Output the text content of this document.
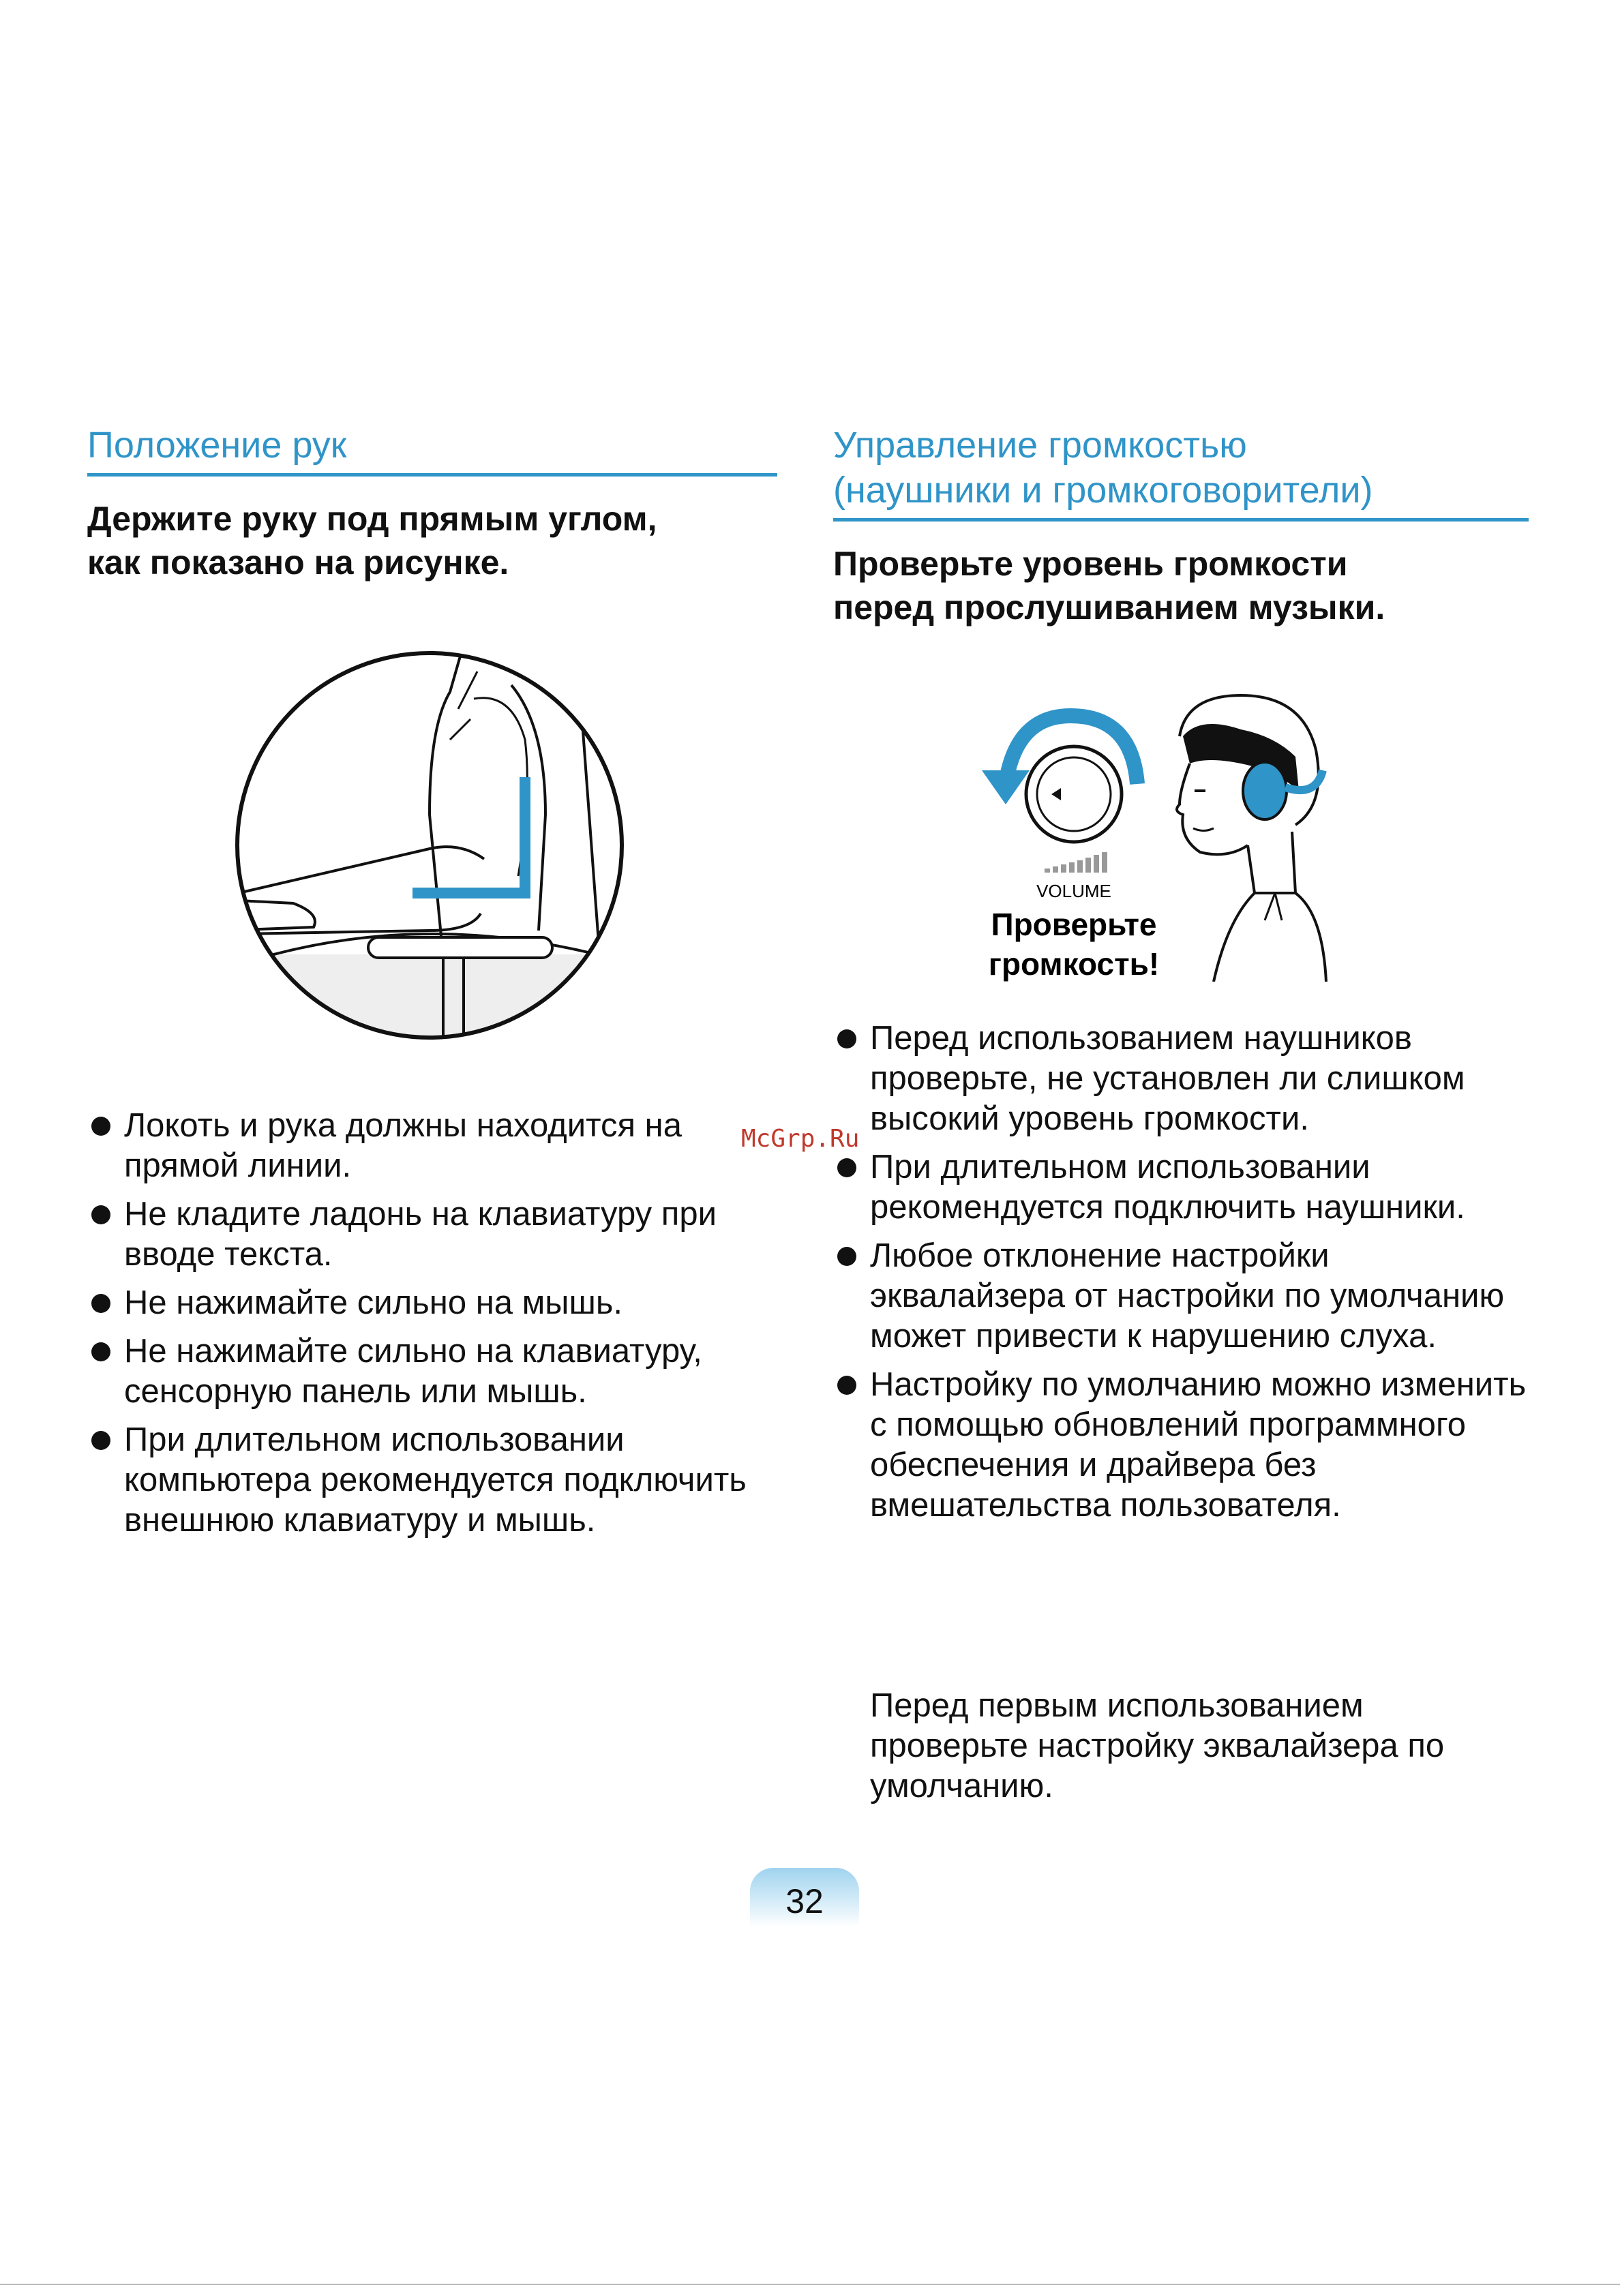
Положение рук

Держите руку под прямым углом,
как показано на рисунке.

Локоть и рука должны находится на прямой линии.
Не кладите ладонь на клавиатуру при вводе текста.
Не нажимайте сильно на мышь.
Не нажимайте сильно на клавиатуру, сенсорную панель или мышь.
При длительном использовании компьютера рекомендуется подключить внешнюю клавиатуру и мышь.
Управление громкостью
(наушники и громкоговорители)

Проверьте уровень громкости
перед прослушиванием музыки.

VOLUME
Проверьте
громкость!
Перед использованием наушников проверьте, не установлен ли слишком высокий уровень громкости.
При длительном использовании рекомендуется подключить наушники.
Любое отклонение настройки эквалайзера от настройки по умолчанию может привести к нарушению слуха.
Настройку по умолчанию можно изменить с помощью обновлений программного обеспечения и драйвера без вмешательства пользователя.
Перед первым использованием проверьте настройку эквалайзера по умолчанию.
McGrp.Ru
32
